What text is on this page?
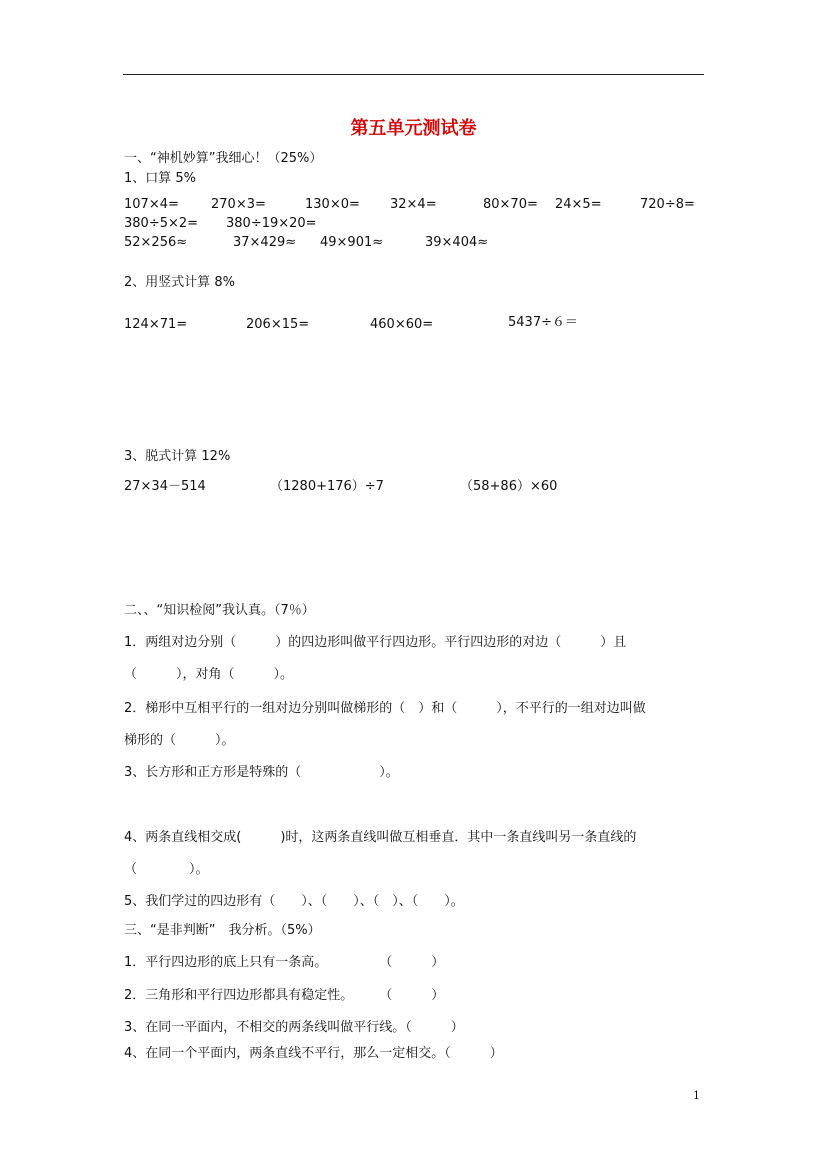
第五单元测试卷
一、“神机妙算”我细心！（25%）
1、口算 5%
107×4= 270×3=	130×0= 32×4=	80×70= 24×5=	720÷8=
380÷5×2= 380÷19×20=
52×256≈	37×429≈ 49×901≈	39×404≈
2、用竖式计算 8%
124×71=	206×15=	460×60=	5437÷６＝
3、脱式计算 12%
27×34－514	（1280+176）÷7	（58+86）×60
二、、“知识检阅”我认真。（7％）
1．两组对边分别（　　　）的四边形叫做平行四边形。平行四边形的对边（　　　）且
（　　　），对角（　　　）。
2．梯形中互相平行的一组对边分别叫做梯形的（　）和（　　　），不平行的一组对边叫做
梯形的（　　　）。
3、长方形和正方形是特殊的（　　　　　　）。
4、两条直线相交成(　　　)时，这两条直线叫做互相垂直．其中一条直线叫另一条直线的
（　　　　）。
5、我们学过的四边形有（　　）、（　　）、（　）、（　　）。
三、“是非判断”　我分析。（5%）
1．平行四边形的底上只有一条高。　　　　　（　　　）
2．三角形和平行四边形都具有稳定性。　　　（　　　）
3、在同一平面内，不相交的两条线叫做平行线。（　　　）
4、在同一个平面内，两条直线不平行，那么一定相交。（　　　）
1
